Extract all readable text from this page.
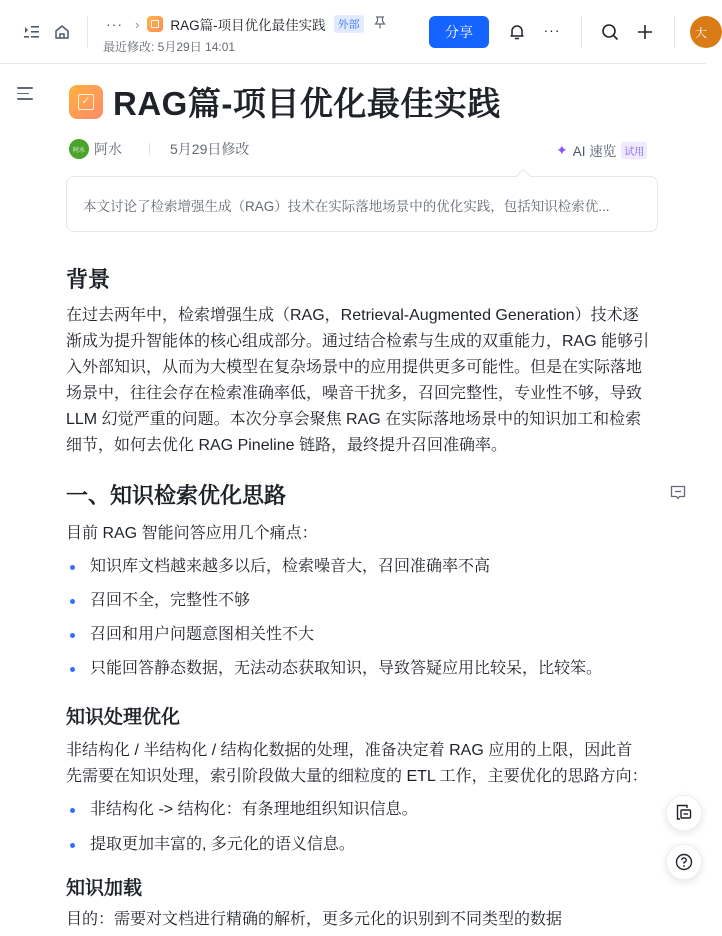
··· › RAG篇-项目优化最佳实践	外部
最近修改: 5月29日 14:01
分享	···	大
✓ RAG篇-项目优化最佳实践
阿水 阿水	5月29日修改	✦ AI 速览 试用
本文讨论了检索增强生成（RAG）技术在实际落地场景中的优化实践，包括知识检索优...
背景
在过去两年中，检索增强生成（RAG，Retrieval-Augmented Generation）技术逐
渐成为提升智能体的核心组成部分。通过结合检索与生成的双重能力，RAG 能够引
入外部知识，从而为大模型在复杂场景中的应用提供更多可能性。但是在实际落地
场景中，往往会存在检索准确率低，噪音干扰多，召回完整性，专业性不够，导致
LLM 幻觉严重的问题。本次分享会聚焦 RAG 在实际落地场景中的知识加工和检索
细节，如何去优化 RAG Pineline 链路，最终提升召回准确率。
一、知识检索优化思路
目前 RAG 智能问答应用几个痛点：
知识库文档越来越多以后，检索噪音大，召回准确率不高
召回不全，完整性不够
召回和用户问题意图相关性不大
只能回答静态数据，无法动态获取知识，导致答疑应用比较呆，比较笨。
知识处理优化
非结构化 / 半结构化 / 结构化数据的处理，准备决定着 RAG 应用的上限，因此首
先需要在知识处理，索引阶段做大量的细粒度的 ETL 工作，主要优化的思路方向：
非结构化 -> 结构化：有条理地组织知识信息。
提取更加丰富的, 多元化的语义信息。
知识加载
目的：需要对文档进行精确的解析，更多元化的识别到不同类型的数据
